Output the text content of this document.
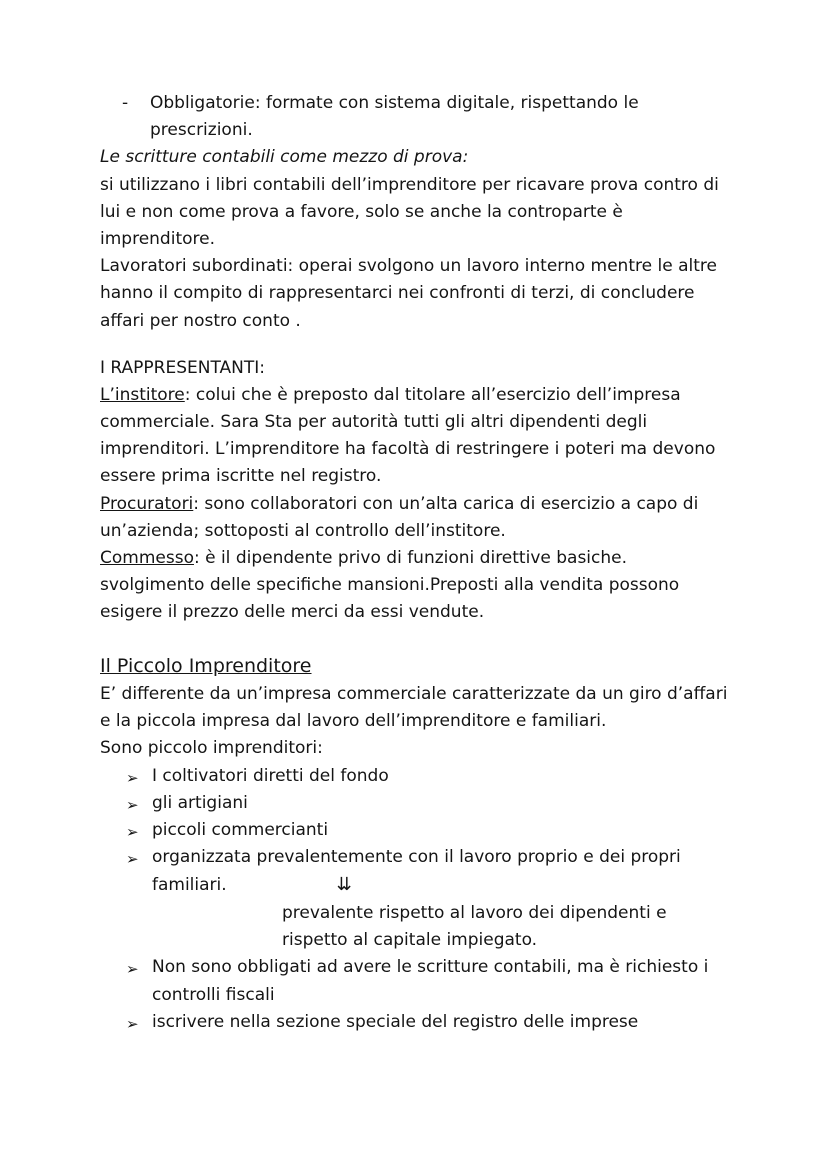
-	Obbligatorie: formate con sistema digitale, rispettando le prescrizioni.

Le scritture contabili come mezzo di prova:

si utilizzano i libri contabili dell’imprenditore per ricavare prova contro di lui e non come prova a favore, solo se anche la controparte è imprenditore.

Lavoratori subordinati: operai svolgono un lavoro interno mentre le altre hanno il compito di rappresentarci nei confronti di terzi, di concludere affari per nostro conto .

I RAPPRESENTANTI:

L’institore: colui che è preposto dal titolare all’esercizio dell’impresa commerciale. Sara Sta per autorità tutti gli altri dipendenti degli imprenditori. L’imprenditore ha facoltà di restringere i poteri ma devono essere prima iscritte nel registro.

Procuratori: sono collaboratori con un’alta carica di esercizio a capo di un’azienda; sottoposti al controllo dell’institore.

Commesso: è il dipendente privo di funzioni direttive basiche. svolgimento delle specifiche mansioni.Preposti alla vendita possono esigere il prezzo delle merci da essi vendute.

Il Piccolo Imprenditore

E’ differente da un’impresa commerciale caratterizzate da un giro d’affari e la piccola impresa dal lavoro dell’imprenditore e familiari.

Sono piccolo imprenditori:

➢ I coltivatori diretti del fondo
➢ gli artigiani
➢ piccoli commercianti
➢ organizzata prevalentemente con il lavoro proprio e dei propri familiari.	⇊
prevalente rispetto al lavoro dei dipendenti e rispetto al capitale impiegato.
➢ Non sono obbligati ad avere le scritture contabili, ma è richiesto i controlli fiscali
➢ iscrivere nella sezione speciale del registro delle imprese
